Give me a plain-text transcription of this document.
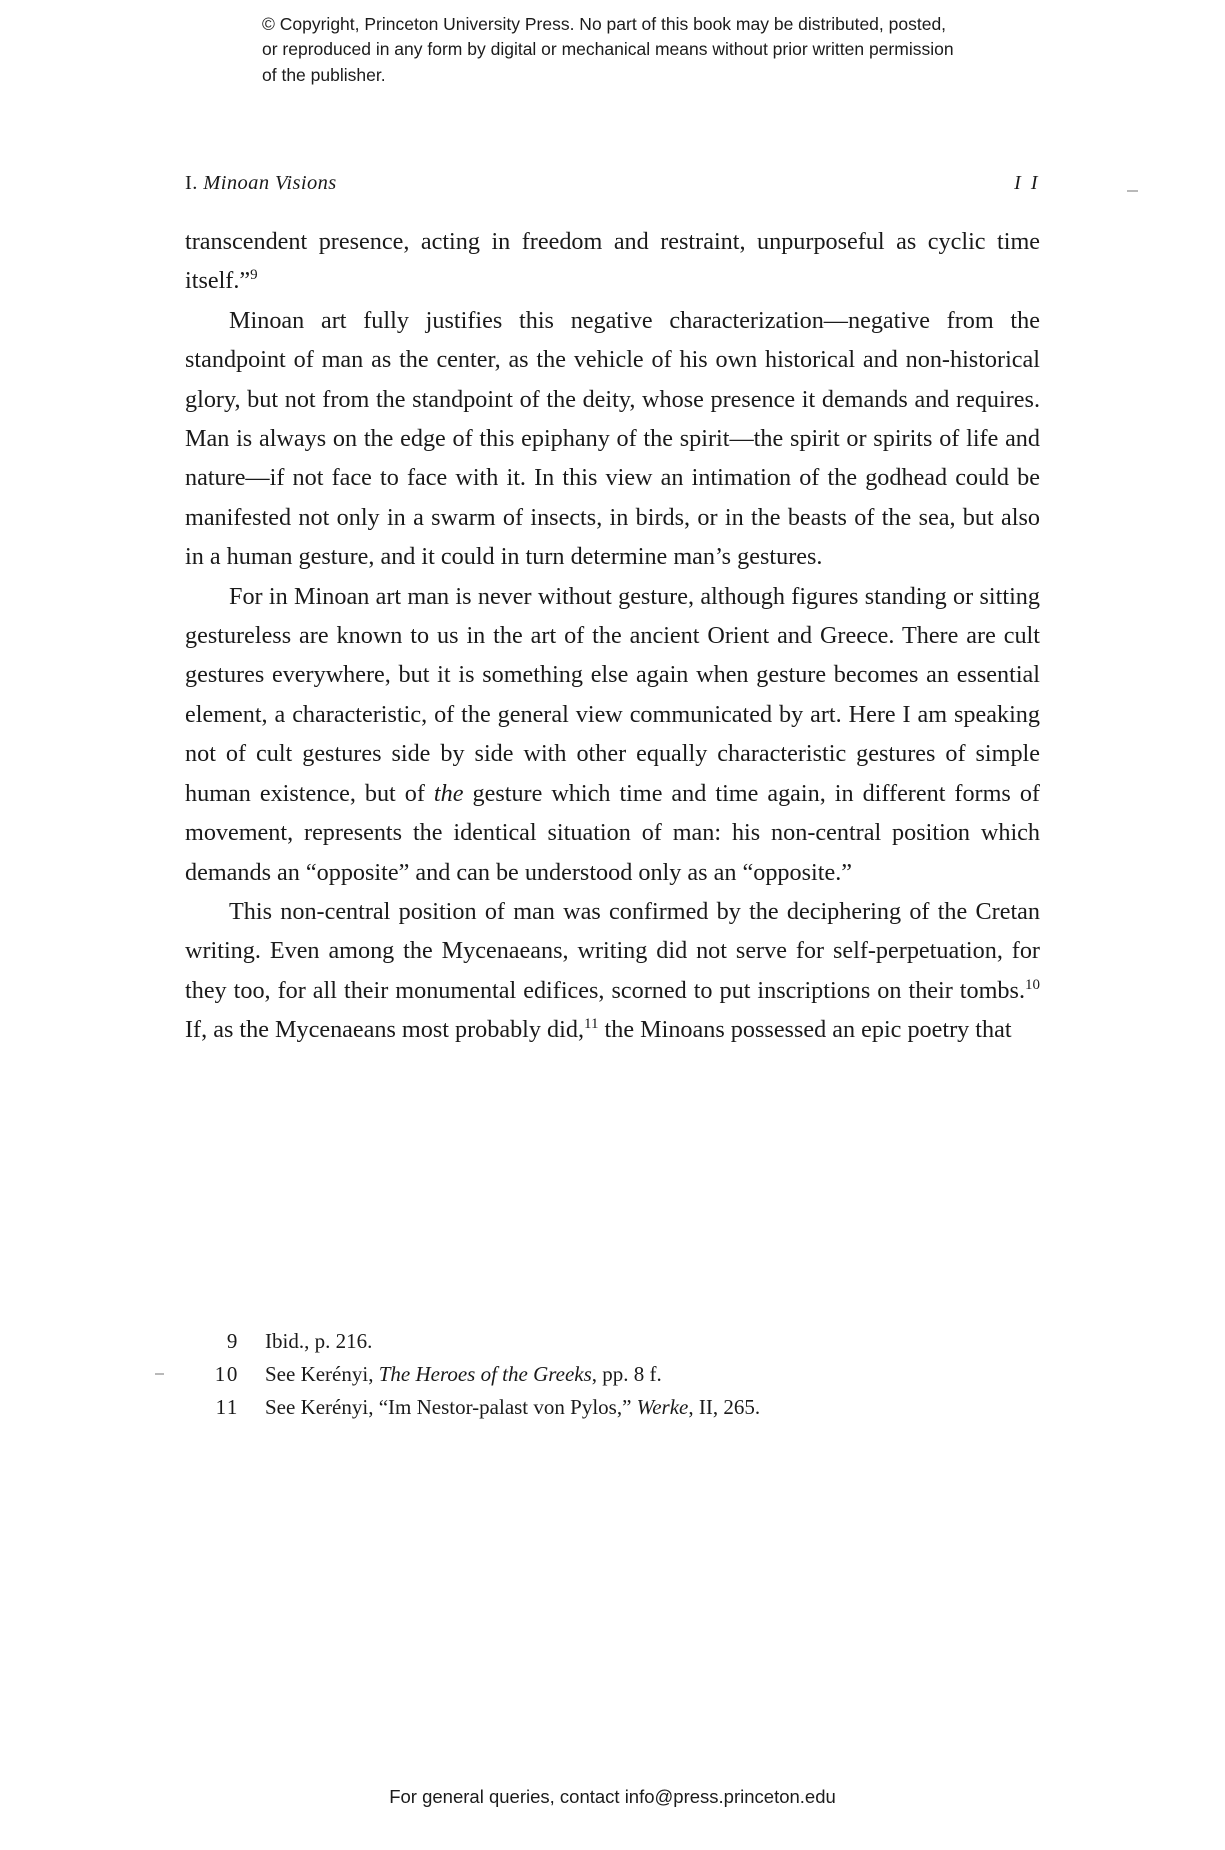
© Copyright, Princeton University Press. No part of this book may be distributed, posted, or reproduced in any form by digital or mechanical means without prior written permission of the publisher.
I. Minoan Visions	I I

transcendent presence, acting in freedom and restraint, unpurposeful as cyclic time itself.”$^9$

Minoan art fully justifies this negative characterization—negative from the standpoint of man as the center, as the vehicle of his own historical and non-historical glory, but not from the standpoint of the deity, whose presence it demands and requires. Man is always on the edge of this epiphany of the spirit—the spirit or spirits of life and nature—if not face to face with it. In this view an intimation of the godhead could be manifested not only in a swarm of insects, in birds, or in the beasts of the sea, but also in a human gesture, and it could in turn determine man’s gestures.

For in Minoan art man is never without gesture, although figures standing or sitting gestureless are known to us in the art of the ancient Orient and Greece. There are cult gestures everywhere, but it is something else again when gesture becomes an essential element, a characteristic, of the general view communicated by art. Here I am speaking not of cult gestures side by side with other equally characteristic gestures of simple human existence, but of the gesture which time and time again, in different forms of movement, represents the identical situation of man: his non-central position which demands an “opposite” and can be understood only as an “opposite.”

This non-central position of man was confirmed by the deciphering of the Cretan writing. Even among the Mycenaeans, writing did not serve for self-perpetuation, for they too, for all their monumental edifices, scorned to put inscriptions on their tombs.$^{10}$ If, as the Mycenaeans most probably did,$^{11}$ the Minoans possessed an epic poetry that

9	Ibid., p. 216.
10	See Kerényi, The Heroes of the Greeks, pp. 8 f.
11	See Kerényi, “Im Nestor-palast von Pylos,” Werke, II, 265.
For general queries, contact info@press.princeton.edu
